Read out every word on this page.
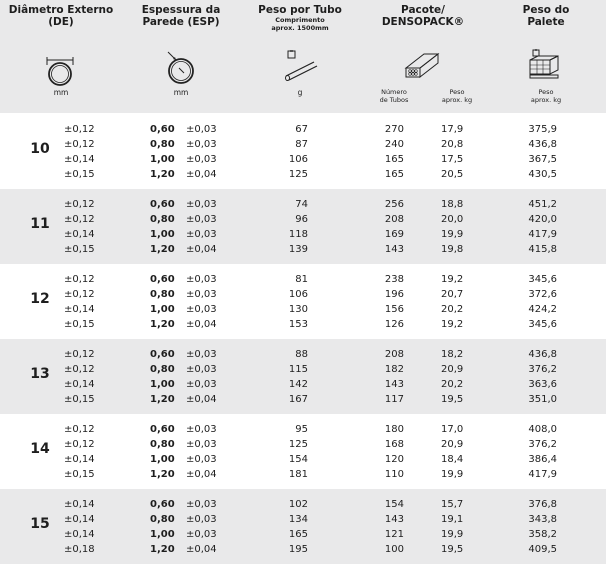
Diâmetro Externo
(DE)
mm
Espessura da
Parede (ESP)
mm
Peso por Tubo
Comprimento
aprox. 1500mm
g
Pacote/
DENSOPACK®
Número
de Tubos
Peso
aprox. kg
Peso do
Palete
Peso
aprox. kg
10
±0,12	0,60 ±0,03	67	270	17,9	375,9
±0,12	0,80 ±0,03	87	240	20,8	436,8
±0,14	1,00 ±0,03	106	165	17,5	367,5
±0,15	1,20 ±0,04	125	165	20,5	430,5
11
±0,12	0,60 ±0,03	74	256	18,8	451,2
±0,12	0,80 ±0,03	96	208	20,0	420,0
±0,14	1,00 ±0,03	118	169	19,9	417,9
±0,15	1,20 ±0,04	139	143	19,8	415,8
12
±0,12	0,60 ±0,03	81	238	19,2	345,6
±0,12	0,80 ±0,03	106	196	20,7	372,6
±0,14	1,00 ±0,03	130	156	20,2	424,2
±0,15	1,20 ±0,04	153	126	19,2	345,6
13
±0,12	0,60 ±0,03	88	208	18,2	436,8
±0,12	0,80 ±0,03	115	182	20,9	376,2
±0,14	1,00 ±0,03	142	143	20,2	363,6
±0,15	1,20 ±0,04	167	117	19,5	351,0
14
±0,12	0,60 ±0,03	95	180	17,0	408,0
±0,12	0,80 ±0,03	125	168	20,9	376,2
±0,14	1,00 ±0,03	154	120	18,4	386,4
±0,15	1,20 ±0,04	181	110	19,9	417,9
15
±0,14	0,60 ±0,03	102	154	15,7	376,8
±0,14	0,80 ±0,03	134	143	19,1	343,8
±0,14	1,00 ±0,03	165	121	19,9	358,2
±0,18	1,20 ±0,04	195	100	19,5	409,5
